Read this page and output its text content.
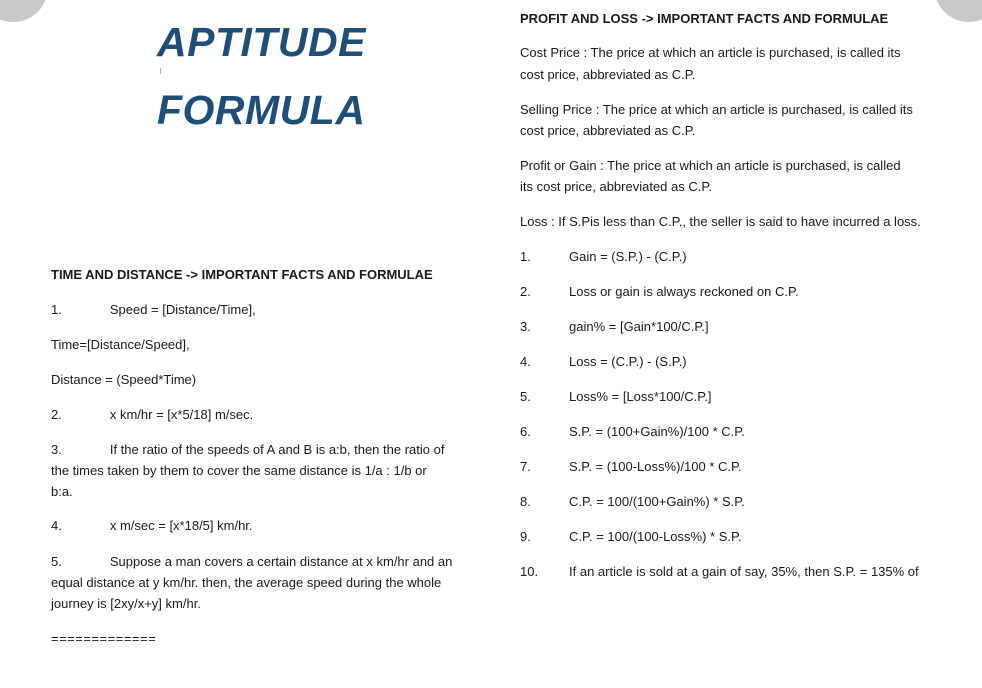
APTITUDE
FORMULA
TIME AND DISTANCE -> IMPORTANT FACTS AND FORMULAE
1.	Speed = [Distance/Time],
Time=[Distance/Speed],
Distance = (Speed*Time)
2.	x km/hr = [x*5/18] m/sec.
3.	If the ratio of the speeds of A and B is a:b, then the ratio of
the times taken by them to cover the same distance is 1/a : 1/b or
b:a.
4.	x m/sec = [x*18/5] km/hr.
5.	Suppose a man covers a certain distance at x km/hr and an
equal distance at y km/hr. then, the average speed during the whole
journey is [2xy/x+y] km/hr.
=============
PROFIT AND LOSS -> IMPORTANT FACTS AND FORMULAE
Cost Price : The price at which an article is purchased, is called its
cost price, abbreviated as C.P.
Selling Price : The price at which an article is purchased, is called its
cost price, abbreviated as C.P.
Profit or Gain : The price at which an article is purchased, is called
its cost price, abbreviated as C.P.
Loss : If S.Pis less than C.P., the seller is said to have incurred a loss.
1.	Gain = (S.P.) - (C.P.)
2.	Loss or gain is always reckoned on C.P.
3.	gain% = [Gain*100/C.P.]
4.	Loss = (C.P.) - (S.P.)
5.	Loss% = [Loss*100/C.P.]
6.	S.P. = (100+Gain%)/100 * C.P.
7.	S.P. = (100-Loss%)/100 * C.P.
8.	C.P. = 100/(100+Gain%) * S.P.
9.	C.P. = 100/(100-Loss%) * S.P.
10. If an article is sold at a gain of say, 35%, then S.P. = 135% of
